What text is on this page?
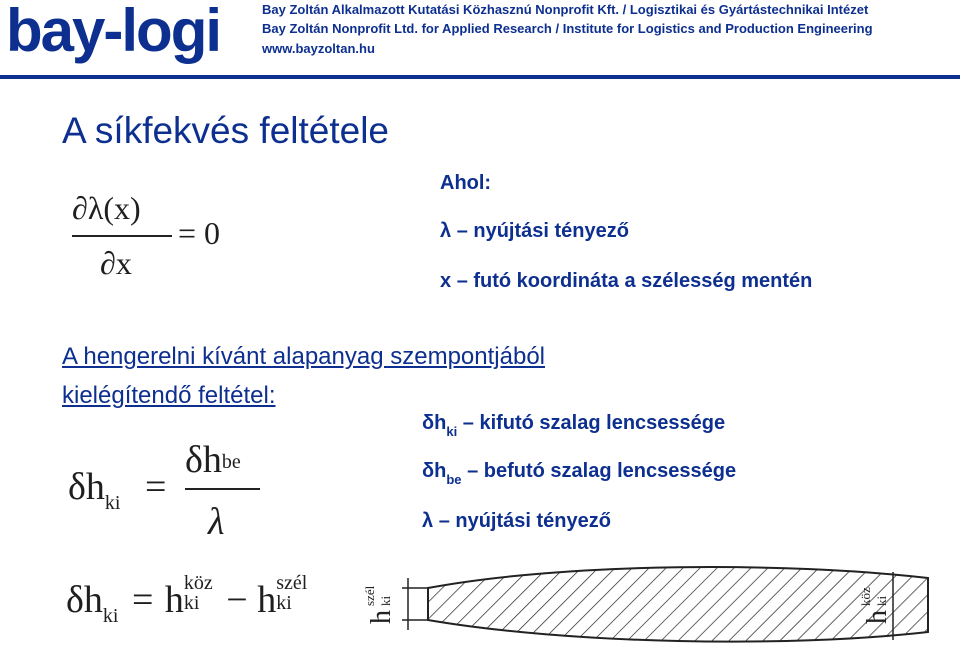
bay-logi	Bay Zoltán Alkalmazott Kutatási Közhasznú Nonprofit Kft. / Logisztikai és Gyártástechnikai Intézet
Bay Zoltán Nonprofit Ltd. for Applied Research / Institute for Logistics and Production Engineering
www.bayzoltan.hu
A síkfekvés feltétele
∂λ(x)
∂x
= 0
Ahol:
λ – nyújtási tényező
x – futó koordináta a szélesség mentén
A hengerelni kívánt alapanyag szempontjából
kielégítendő feltétel:
$\delta h_{ki}$ =
δhbe
λ
$\delta h_{ki}$ – kifutó szalag lencsessége
$\delta h_{be}$ – befutó szalag lencsessége
λ – nyújtási tényező
$\delta h_{ki} = h$ köz
ki − h szél
ki
h
szél ki
h
köz ki
